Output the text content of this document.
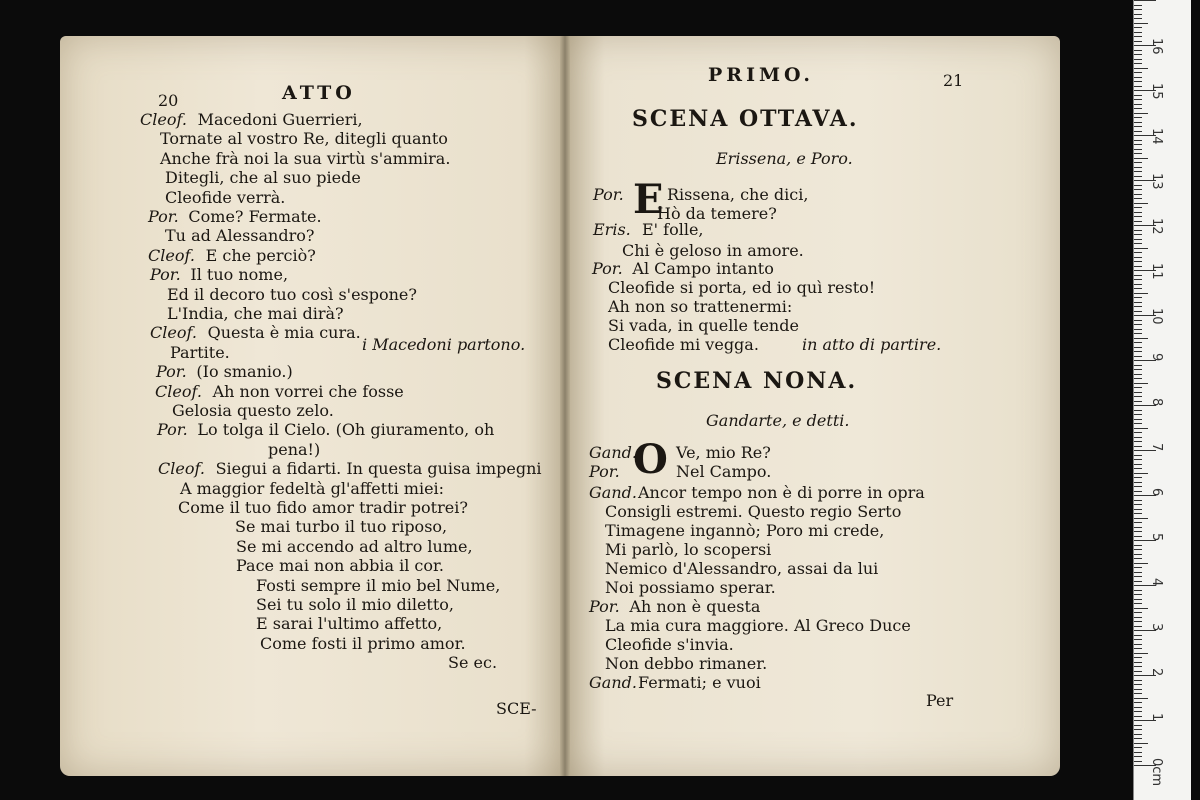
16
15
14
13
12
11
10
9
8
7
6
5
4
3
2
1
0cm
20	ATTO
Cleof. Macedoni Guerrieri,
Tornate al vostro Re, ditegli quanto
Anche frà noi la sua virtù s'ammira.
Ditegli, che al suo piede
Cleofide verrà.
Por. Come? Fermate.
Tu ad Alessandro?
Cleof. E che perciò?
Por. Il tuo nome,
Ed il decoro tuo così s'espone?
L'India, che mai dirà?
Cleof. Questa è mia cura.
Partite.
Por. (Io smanio.)
Cleof. Ah non vorrei che fosse
Gelosia questo zelo.
Por. Lo tolga il Cielo. (Oh giuramento, oh
pena!)
Cleof. Siegui a fidarti. In questa guisa impegni
A maggior fedeltà gl'affetti miei:
Come il tuo fido amor tradir potrei?
Se mai turbo il tuo riposo,
Se mi accendo ad altro lume,
Pace mai non abbia il cor.
Fosti sempre il mio bel Nume,
Sei tu solo il mio diletto,
E sarai l'ultimo affetto,
Come fosti il primo amor.
Se ec.
i Macedoni partono.
SCE-
PRIMO.	21
SCENA OTTAVA.
Erissena, e Poro.
E
Por.	Rissena, che dici,
Hò da temere?
Eris. E' folle,
Chi è geloso in amore.
Por. Al Campo intanto
Cleofide si porta, ed io quì resto!
Ah non so trattenermi:
Si vada, in quelle tende
Cleofide mi vegga.	in atto di partire.
SCENA NONA.
Gandarte, e detti.
O
Gand. Ve, mio Re?
Por.	Nel Campo.
Gand. Ancor tempo non è di porre in opra
Consigli estremi. Questo regio Serto
Timagene ingannò; Poro mi crede,
Mi parlò, lo scopersi
Nemico d'Alessandro, assai da lui
Noi possiamo sperar.
Por. Ah non è questa
La mia cura maggiore. Al Greco Duce
Cleofide s'invia.
Non debbo rimaner.
Gand. Fermati; e vuoi
Per
